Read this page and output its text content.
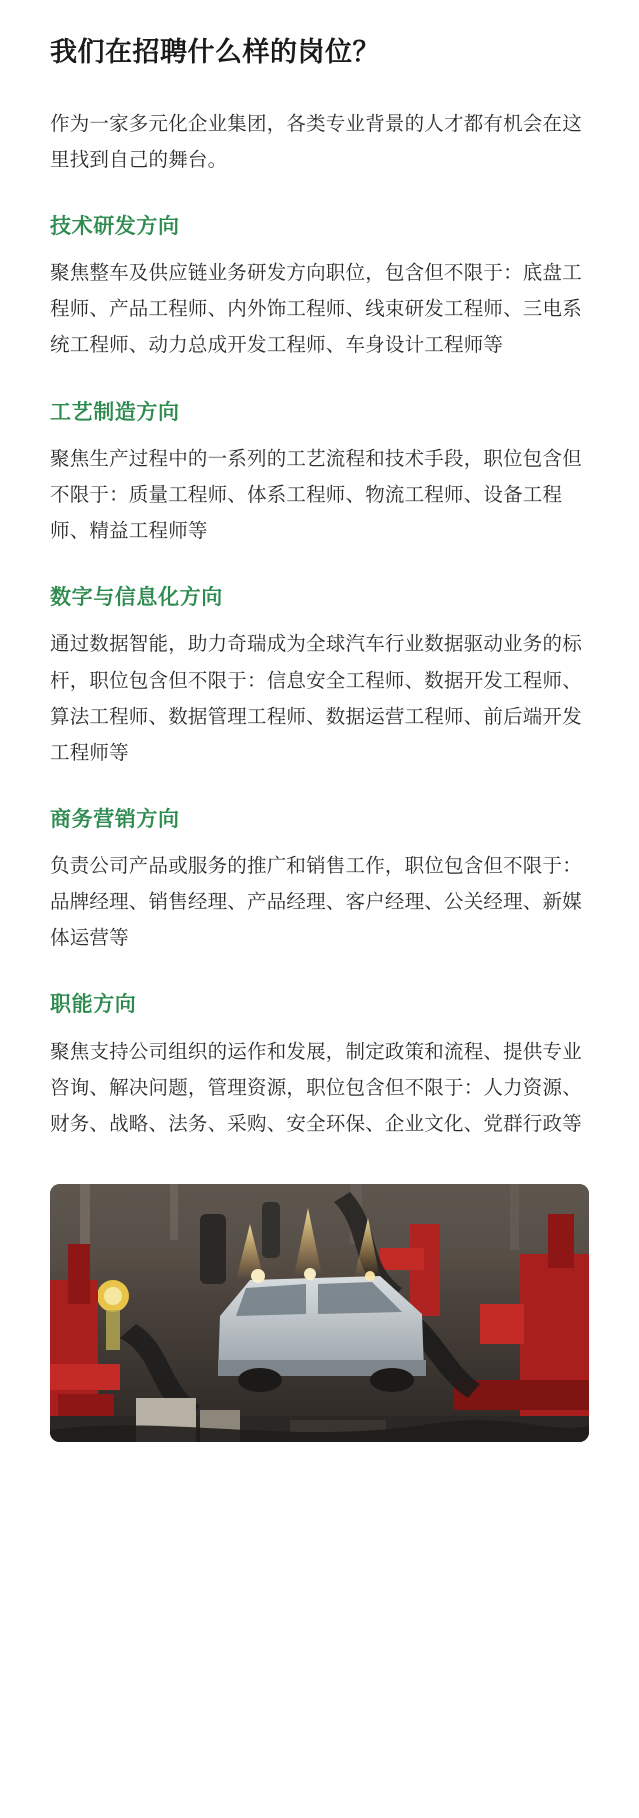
我们在招聘什么样的岗位？

作为一家多元化企业集团，各类专业背景的人才都有机会在这里找到自己的舞台。

技术研发方向

聚焦整车及供应链业务研发方向职位，包含但不限于：底盘工程师、产品工程师、内外饰工程师、线束研发工程师、三电系统工程师、动力总成开发工程师、车身设计工程师等

工艺制造方向

聚焦生产过程中的一系列的工艺流程和技术手段，职位包含但不限于：质量工程师、体系工程师、物流工程师、设备工程师、精益工程师等

数字与信息化方向

通过数据智能，助力奇瑞成为全球汽车行业数据驱动业务的标杆，职位包含但不限于：信息安全工程师、数据开发工程师、算法工程师、数据管理工程师、数据运营工程师、前后端开发工程师等

商务营销方向

负责公司产品或服务的推广和销售工作，职位包含但不限于：品牌经理、销售经理、产品经理、客户经理、公关经理、新媒体运营等

职能方向

聚焦支持公司组织的运作和发展，制定政策和流程、提供专业咨询、解决问题，管理资源，职位包含但不限于：人力资源、财务、战略、法务、采购、安全环保、企业文化、党群行政等
